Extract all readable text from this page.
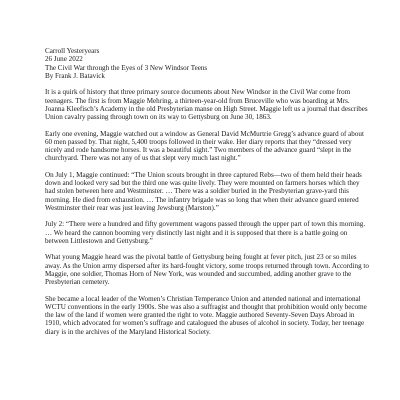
Carroll Yesteryears

26 June 2022

The Civil War through the Eyes of 3 New Windsor Teens

By Frank J. Batavick

It is a quirk of history that three primary source documents about New Windsor in the Civil War come from teenagers. The first is from Maggie Mehring, a thirteen-year-old from Bruceville who was boarding at Mrs. Joanna Kleefisch’s Academy in the old Presbyterian manse on High Street. Maggie left us a journal that describes Union cavalry passing through town on its way to Gettysburg on June 30, 1863.

Early one evening, Maggie watched out a window as General David McMurtrie Gregg’s advance guard of about 60 men passed by. That night, 5,400 troops followed in their wake. Her diary reports that they “dressed very nicely and rode handsome horses. It was a beautiful sight.” Two members of the advance guard “slept in the churchyard. There was not any of us that slept very much last night.”

On July 1, Maggie continued: “The Union scouts brought in three captured Rebs—two of them held their heads down and looked very sad but the third one was quite lively. They were mounted on farmers horses which they had stolen between here and Westminster. … There was a soldier buried in the Presbyterian grave-yard this morning. He died from exhaustion. … The infantry brigade was so long that when their advance guard entered Westminster their rear was just leaving Jewsburg (Marston).”

July 2: “There were a hundred and fifty government wagons passed through the upper part of town this morning. … We heard the cannon booming very distinctly last night and it is supposed that there is a battle going on between Littlestown and Gettysburg.”

What young Maggie heard was the pivotal battle of Gettysburg being fought at fever pitch, just 23 or so miles away. As the Union army dispersed after its hard-fought victory, some troops returned through town. According to Maggie, one soldier, Thomas Horn of New York, was wounded and succumbed, adding another grave to the Presbyterian cemetery.

She became a local leader of the Women’s Christian Temperance Union and attended national and international WCTU conventions in the early 1900s. She was also a suffragist and thought that prohibition would only become the law of the land if women were granted the right to vote. Maggie authored Seventy-Seven Days Abroad in 1910, which advocated for women’s suffrage and catalogued the abuses of alcohol in society. Today, her teenage diary is in the archives of the Maryland Historical Society.
